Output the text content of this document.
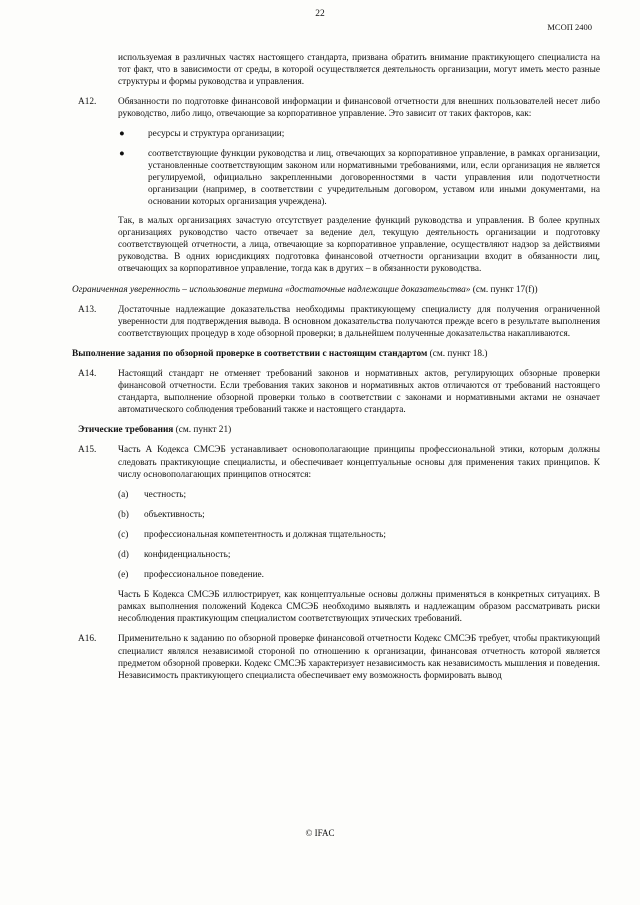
22
МСОП 2400

используемая в различных частях настоящего стандарта, призвана обратить внимание практикующего специалиста на тот факт, что в зависимости от среды, в которой осуществляется деятельность организации, могут иметь место разные структуры и формы руководства и управления.

A12. Обязанности по подготовке финансовой информации и финансовой отчетности для внешних пользователей несет либо руководство, либо лицо, отвечающие за корпоративное управление. Это зависит от таких факторов, как:

●	ресурсы и структура организации;

●	соответствующие функции руководства и лиц, отвечающих за корпоративное управление, в рамках организации, установленные соответствующим законом или нормативными требованиями, или, если организация не является регулируемой, официально закрепленными договоренностями в части управления или подотчетности организации (например, в соответствии с учредительным договором, уставом или иными документами, на основании которых организация учреждена).

Так, в малых организациях зачастую отсутствует разделение функций руководства и управления. В более крупных организациях руководство часто отвечает за ведение дел, текущую деятельность организации и подготовку соответствующей отчетности, а лица, отвечающие за корпоративное управление, осуществляют надзор за действиями руководства. В одних юрисдикциях подготовка финансовой отчетности организации входит в обязанности лиц, отвечающих за корпоративное управление, тогда как в других – в обязанности руководства.

Ограниченная уверенность – использование термина «достаточные надлежащие доказательства» (см. пункт 17(f))

A13. Достаточные надлежащие доказательства необходимы практикующему специалисту для получения ограниченной уверенности для подтверждения вывода. В основном доказательства получаются прежде всего в результате выполнения соответствующих процедур в ходе обзорной проверки; в дальнейшем полученные доказательства накапливаются.

Выполнение задания по обзорной проверке в соответствии с настоящим стандартом (см. пункт 18.)

A14. Настоящий стандарт не отменяет требований законов и нормативных актов, регулирующих обзорные проверки финансовой отчетности. Если требования таких законов и нормативных актов отличаются от требований настоящего стандарта, выполнение обзорной проверки только в соответствии с законами и нормативными актами не означает автоматического соблюдения требований также и настоящего стандарта.

Этические требования (см. пункт 21)

A15. Часть А Кодекса СМСЭБ устанавливает основополагающие принципы профессиональной этики, которым должны следовать практикующие специалисты, и обеспечивает концептуальные основы для применения таких принципов. К числу основополагающих принципов относятся:

(a) честность;
(b) объективность;
(c) профессиональная компетентность и должная тщательность;
(d) конфиденциальность;
(e) профессиональное поведение.

Часть Б Кодекса СМСЭБ иллюстрирует, как концептуальные основы должны применяться в конкретных ситуациях. В рамках выполнения положений Кодекса СМСЭБ необходимо выявлять и надлежащим образом рассматривать риски несоблюдения практикующим специалистом соответствующих этических требований.

A16. Применительно к заданию по обзорной проверке финансовой отчетности Кодекс СМСЭБ требует, чтобы практикующий специалист являлся независимой стороной по отношению к организации, финансовая отчетность которой является предметом обзорной проверки. Кодекс СМСЭБ характеризует независимость как независимость мышления и поведения. Независимость практикующего специалиста обеспечивает ему возможность формировать вывод

© IFAC
